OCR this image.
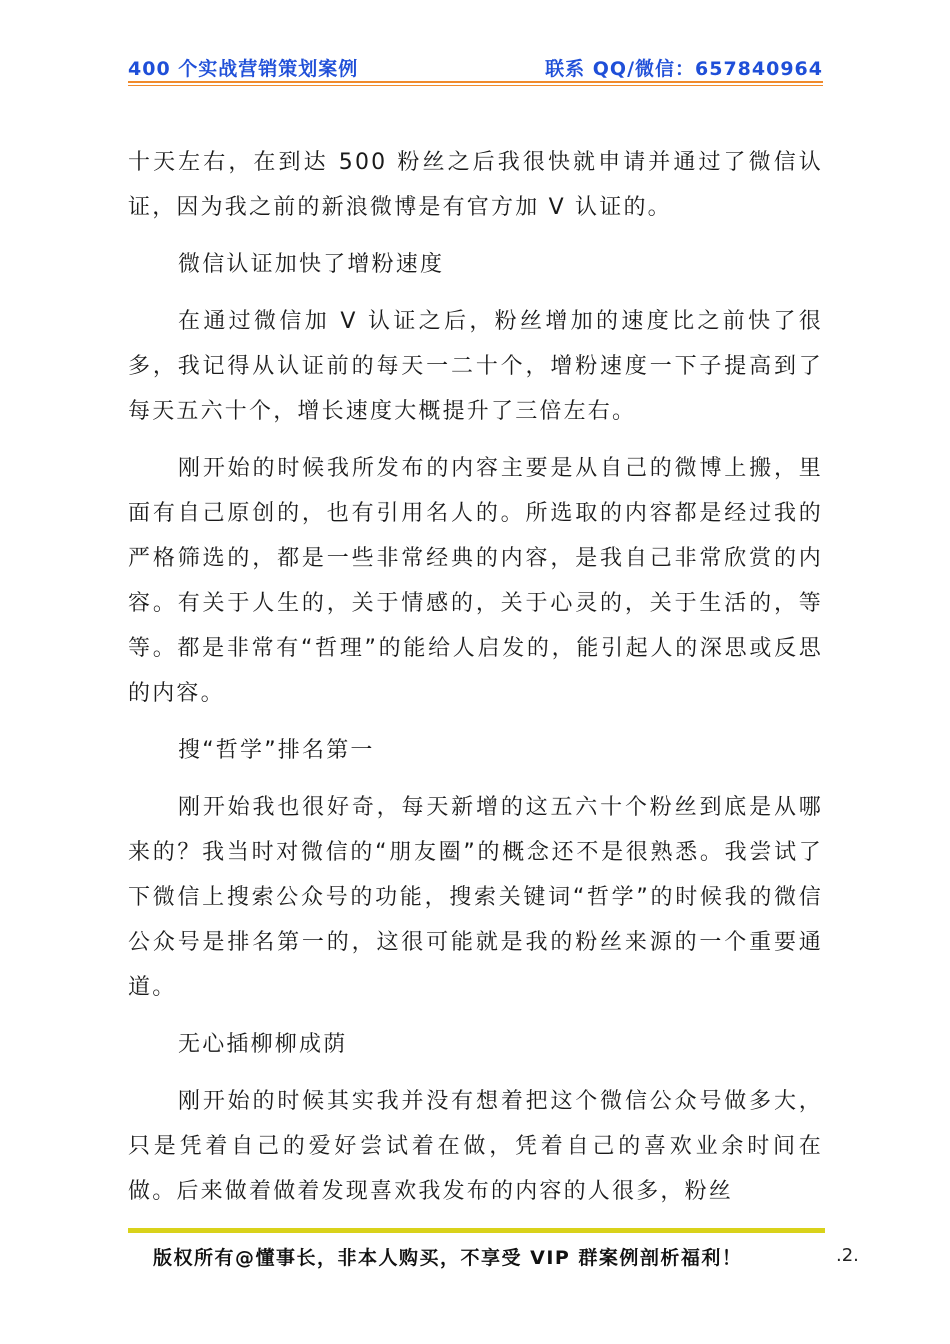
400 个实战营销策划案例	联系 QQ/微信：657840964

十天左右，在到达 500 粉丝之后我很快就申请并通过了微信认证，因为我之前的新浪微博是有官方加 V 认证的。

微信认证加快了增粉速度

在通过微信加 V 认证之后，粉丝增加的速度比之前快了很多，我记得从认证前的每天一二十个，增粉速度一下子提高到了每天五六十个，增长速度大概提升了三倍左右。

刚开始的时候我所发布的内容主要是从自己的微博上搬，里面有自己原创的，也有引用名人的。所选取的内容都是经过我的严格筛选的，都是一些非常经典的内容，是我自己非常欣赏的内容。有关于人生的，关于情感的，关于心灵的，关于生活的，等等。都是非常有“哲理”的能给人启发的，能引起人的深思或反思的内容。

搜“哲学”排名第一

刚开始我也很好奇，每天新增的这五六十个粉丝到底是从哪来的？我当时对微信的“朋友圈”的概念还不是很熟悉。我尝试了下微信上搜索公众号的功能，搜索关键词“哲学”的时候我的微信公众号是排名第一的，这很可能就是我的粉丝来源的一个重要通道。

无心插柳柳成荫

刚开始的时候其实我并没有想着把这个微信公众号做多大，只是凭着自己的爱好尝试着在做，凭着自己的喜欢业余时间在做。后来做着做着发现喜欢我发布的内容的人很多，粉丝

版权所有@懂事长，非本人购买，不享受 VIP 群案例剖析福利！	.2.
